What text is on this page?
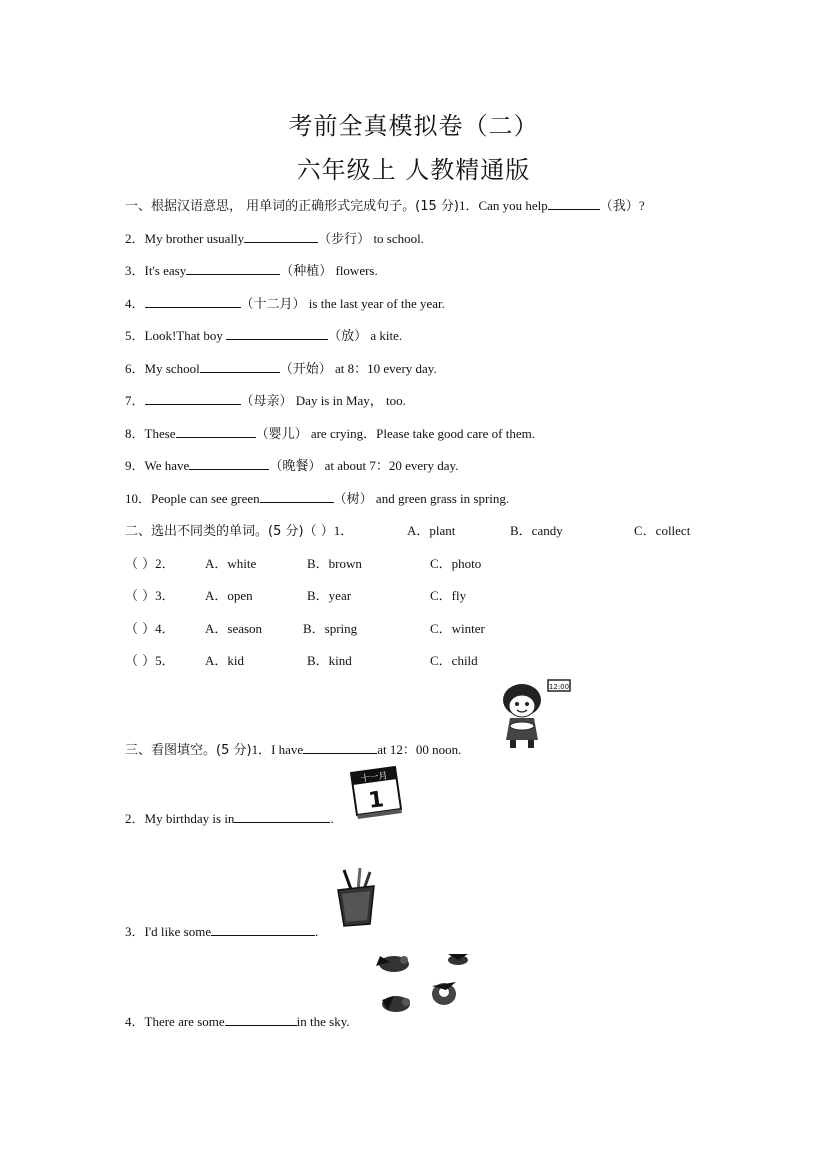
考前全真模拟卷（二）
六年级上 人教精通版
一、根据汉语意思， 用单词的正确形式完成句子。(15 分)1．Can you help	（我）?
2．My brother usually	（步行） to school.
3．It's easy	（种植） flowers.
4．	（十二月） is the last year of the year.
5．Look!That boy	（放） a kite.
6．My school	（开始） at 8：10 every day.
7．	（母亲） Day is in May， too.
8．These	（婴儿） are crying．Please take good care of them.
9．We have	（晚餐） at about 7：20 every day.
10．People can see green	（树） and green grass in spring.
二、选出不同类的单词。(5 分)（ ）1．	A．plant	B．candy	C．collect
（ ）2． A．white	B．brown	C．photo
（ ）3． A．open	B．year	C．fly
（ ）4． A．season	B．spring	C．winter
（ ）5． A．kid	B．kind	C．child
三、看图填空。(5 分)1．I have	at 12：00 noon.
2．My birthday is in	.
3．I'd like some	.
4．There are some	in the sky.
12:00
十一月
1
